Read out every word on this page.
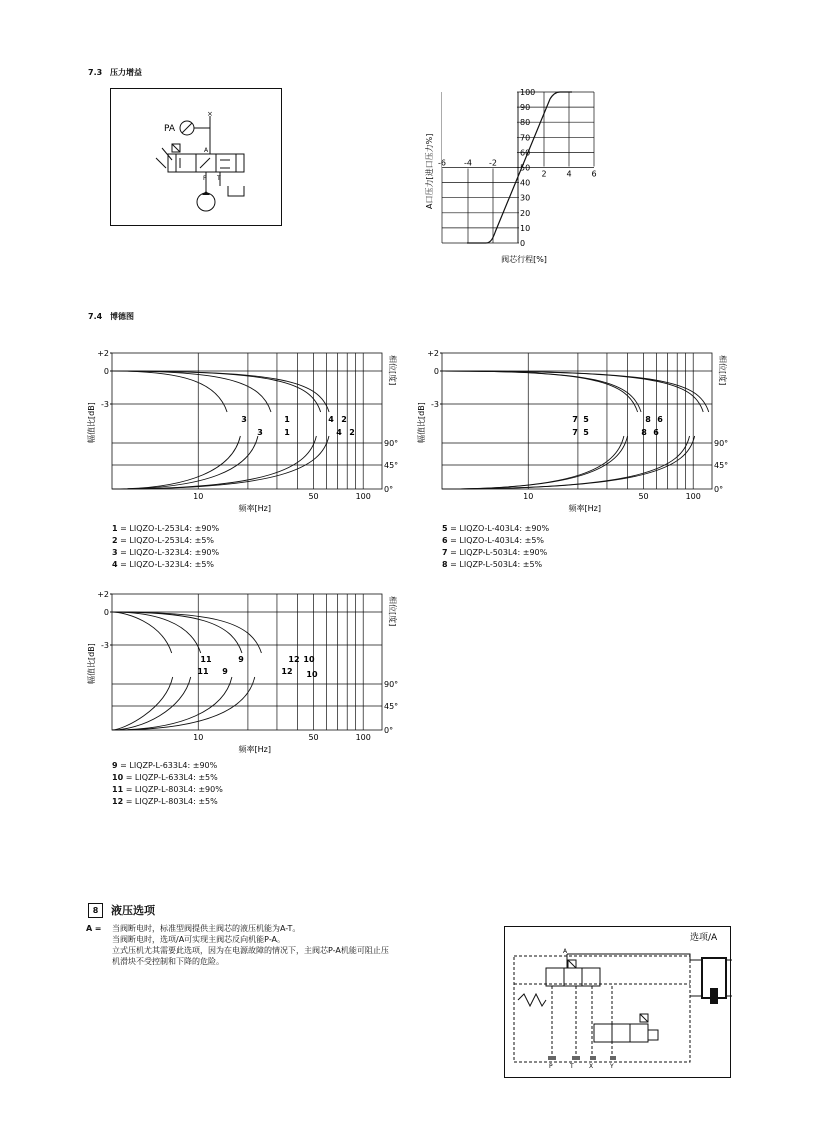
7.3 压力增益
PA
×
A
P T
100
90
80
70
60
50
40
30
20
10
0
-6 -4 -2
2 4 6
A口压力[进口压力%]
阀芯行程[%]
7.4 博德图
+2
0
-3
90°
45°
0°
幅值比[dB]
相位[度]
频率[Hz]
10	50	100
3	1	4 2
3	1	4 2
+2
0
-3
90°
45°
0°
幅值比[dB]
相位[度]
频率[Hz]
10	50	100
7 5	8 6
7 5	8 6
+2
0
-3
90°
45°
0°
幅值比[dB]
相位[度]
频率[Hz]
10	50	100
11	9	12 10
11 9	12 10
1 = LIQZO-L-253L4: ±90%
2 = LIQZO-L-253L4: ±5%
3 = LIQZO-L-323L4: ±90%
4 = LIQZO-L-323L4: ±5%
5 = LIQZO-L-403L4: ±90%
6 = LIQZO-L-403L4: ±5%
7 = LIQZP-L-503L4: ±90%
8 = LIQZP-L-503L4: ±5%
9 = LIQZP-L-633L4: ±90%
10 = LIQZP-L-633L4: ±5%
11 = LIQZP-L-803L4: ±90%
12 = LIQZP-L-803L4: ±5%
8	液压选项
A =	当阀断电时，标准型阀提供主阀芯的液压机能为A-T。
当阀断电时，选项/A可实现主阀芯反向机能P-A。
立式压机尤其需要此选项，因为在电源故障的情况下，主阀芯P-A机能可阻止压
机滑块不受控制和下降的危险。
选项/A
A
P	T	X	Y
